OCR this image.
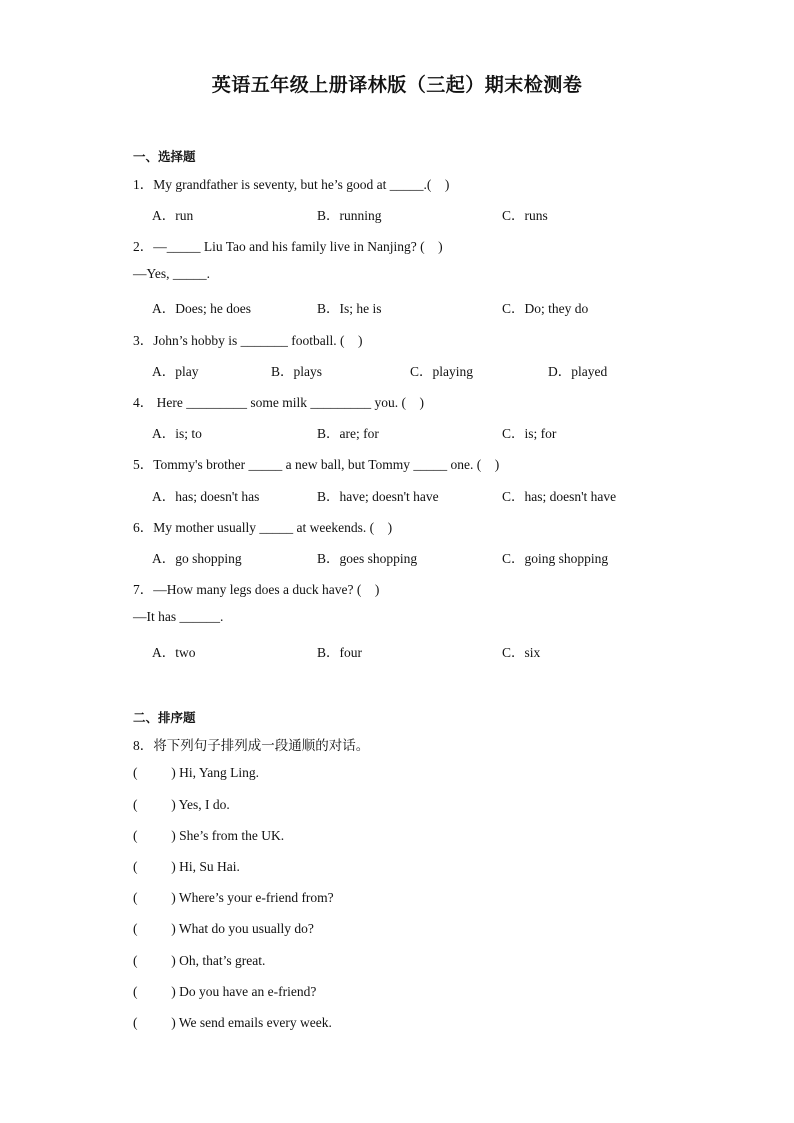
英语五年级上册译林版（三起）期末检测卷
一、选择题
1．My grandfather is seventy, but he’s good at _____.(    )
A．run	B．running	C．runs
2．—_____ Liu Tao and his family live in Nanjing? (    )
—Yes, _____.
A．Does; he does	B．Is; he is	C．Do; they do
3．John’s hobby is _______ football. (    )
A．play	B．plays	C．playing	D．played
4． Here _________ some milk _________ you. (    )
A．is; to	B．are; for	C．is; for
5．Tommy's brother _____ a new ball, but Tommy _____ one. (    )
A．has; doesn't has	B．have; doesn't have	C．has; doesn't have
6．My mother usually _____ at weekends. (    )
A．go shopping	B．goes shopping	C．going shopping
7．—How many legs does a duck have? (    )
—It has ______.
A．two	B．four	C．six
二、排序题
8．将下列句子排列成一段通顺的对话。
(          ) Hi, Yang Ling.
(          ) Yes, I do.
(          ) She’s from the UK.
(          ) Hi, Su Hai.
(          ) Where’s your e-friend from?
(          ) What do you usually do?
(          ) Oh, that’s great.
(          ) Do you have an e-friend?
(          ) We send emails every week.
